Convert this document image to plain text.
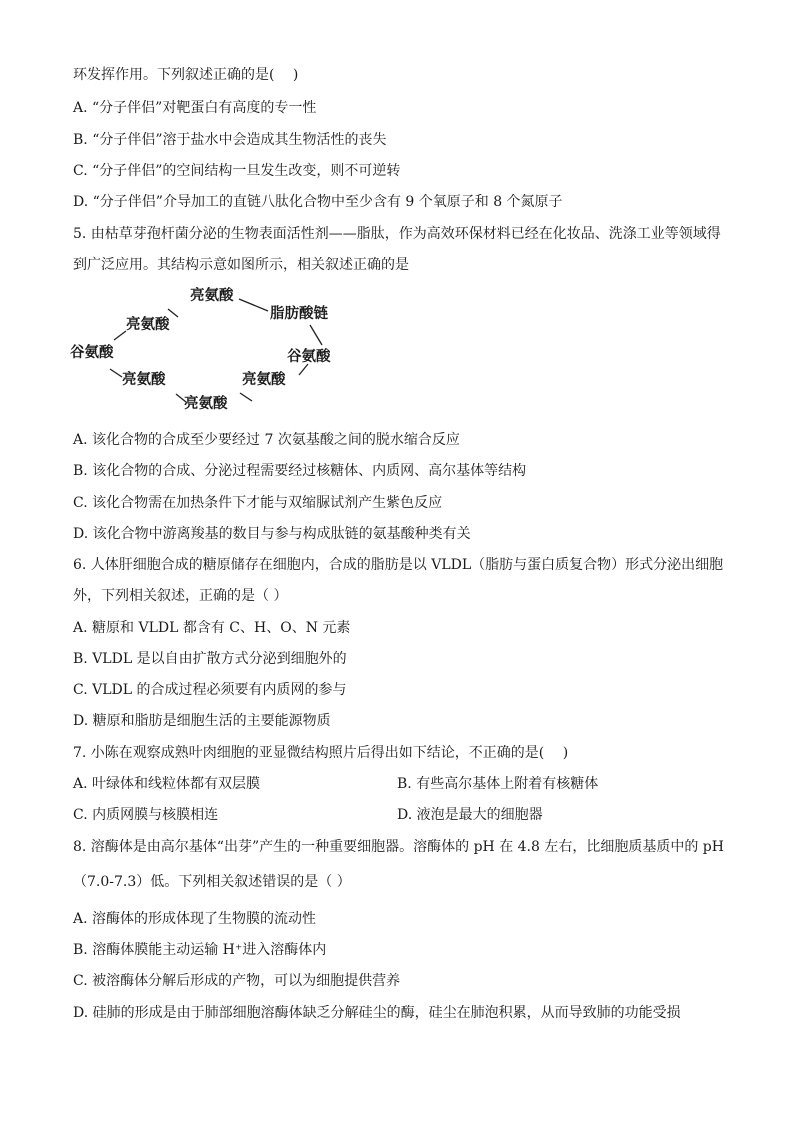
环发挥作用。下列叙述正确的是(　 )
A. “分子伴侣”对靶蛋白有高度的专一性
B. “分子伴侣”溶于盐水中会造成其生物活性的丧失
C. “分子伴侣”的空间结构一旦发生改变，则不可逆转
D. “分子伴侣”介导加工的直链八肽化合物中至少含有 9 个氧原子和 8 个氮原子
5. 由枯草芽孢杆菌分泌的生物表面活性剂——脂肽，作为高效环保材料已经在化妆品、洗涤工业等领域得
到广泛应用。其结构示意如图所示，相关叙述正确的是
亮氨酸
脂肪酸链
亮氨酸
谷氨酸	谷氨酸
亮氨酸	亮氨酸
亮氨酸
A. 该化合物的合成至少要经过 7 次氨基酸之间的脱水缩合反应
B. 该化合物的合成、分泌过程需要经过核糖体、内质网、高尔基体等结构
C. 该化合物需在加热条件下才能与双缩脲试剂产生紫色反应
D. 该化合物中游离羧基的数目与参与构成肽链的氨基酸种类有关
6. 人体肝细胞合成的糖原储存在细胞内，合成的脂肪是以 VLDL（脂肪与蛋白质复合物）形式分泌出细胞
外，下列相关叙述，正确的是（ ）
A. 糖原和 VLDL 都含有 C、H、O、N 元素
B. VLDL 是以自由扩散方式分泌到细胞外的
C. VLDL 的合成过程必须要有内质网的参与
D. 糖原和脂肪是细胞生活的主要能源物质
7. 小陈在观察成熟叶肉细胞的亚显微结构照片后得出如下结论，不正确的是(　 )
A. 叶绿体和线粒体都有双层膜	B. 有些高尔基体上附着有核糖体
C. 内质网膜与核膜相连	D. 液泡是最大的细胞器
8. 溶酶体是由高尔基体“出芽”产生的一种重要细胞器。溶酶体的 pH 在 4.8 左右，比细胞质基质中的 pH
（7.0-7.3）低。下列相关叙述错误的是（ ）
A. 溶酶体的形成体现了生物膜的流动性
B. 溶酶体膜能主动运输 H⁺进入溶酶体内
C. 被溶酶体分解后形成的产物，可以为细胞提供营养
D. 硅肺的形成是由于肺部细胞溶酶体缺乏分解硅尘的酶，硅尘在肺泡积累，从而导致肺的功能受损
